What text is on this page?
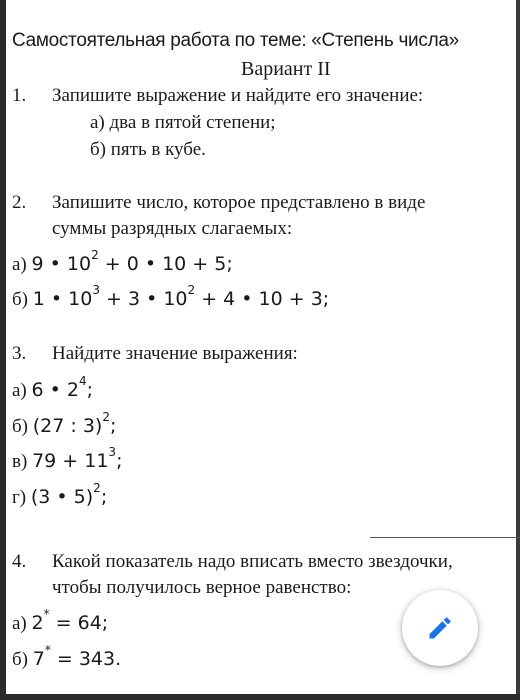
Самостоятельная работа по теме: «Степень числа»
Вариант II
1. Запишите выражение и найдите его значение:
а) два в пятой степени;
б) пять в кубе.
2. Запишите число, которое представлено в виде
суммы разрядных слагаемых:
а) 9 • $10^2 + 0$ • 10 + 5;
б) 1 • $10^3 + 3$ • $10^2 + 4$ • 10 + 3;
3. Найдите значение выражения:
а) 6 • $2^4$;
б) (27 : 3)$^2$;
в) $79 + 11^3$;
г) (3 • 5)$^2$;
4. Какой показатель надо вписать вместо звездочки,
чтобы получилось верное равенство:
а) 2* = 64;
б) 7* = 343.
